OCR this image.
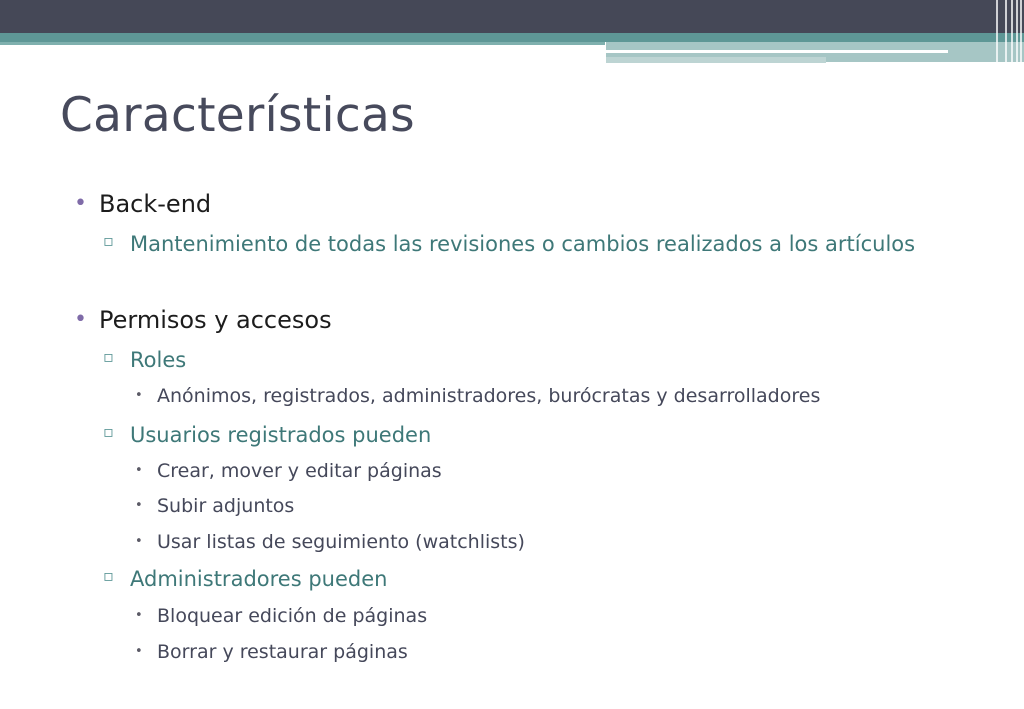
Características
• Back-end
▫ Mantenimiento de todas las revisiones o cambios realizados a los artículos
• Permisos y accesos
▫ Roles
• Anónimos, registrados, administradores, burócratas y desarrolladores
▫ Usuarios registrados pueden
• Crear, mover y editar páginas
• Subir adjuntos
• Usar listas de seguimiento (watchlists)
▫ Administradores pueden
• Bloquear edición de páginas
• Borrar y restaurar páginas
